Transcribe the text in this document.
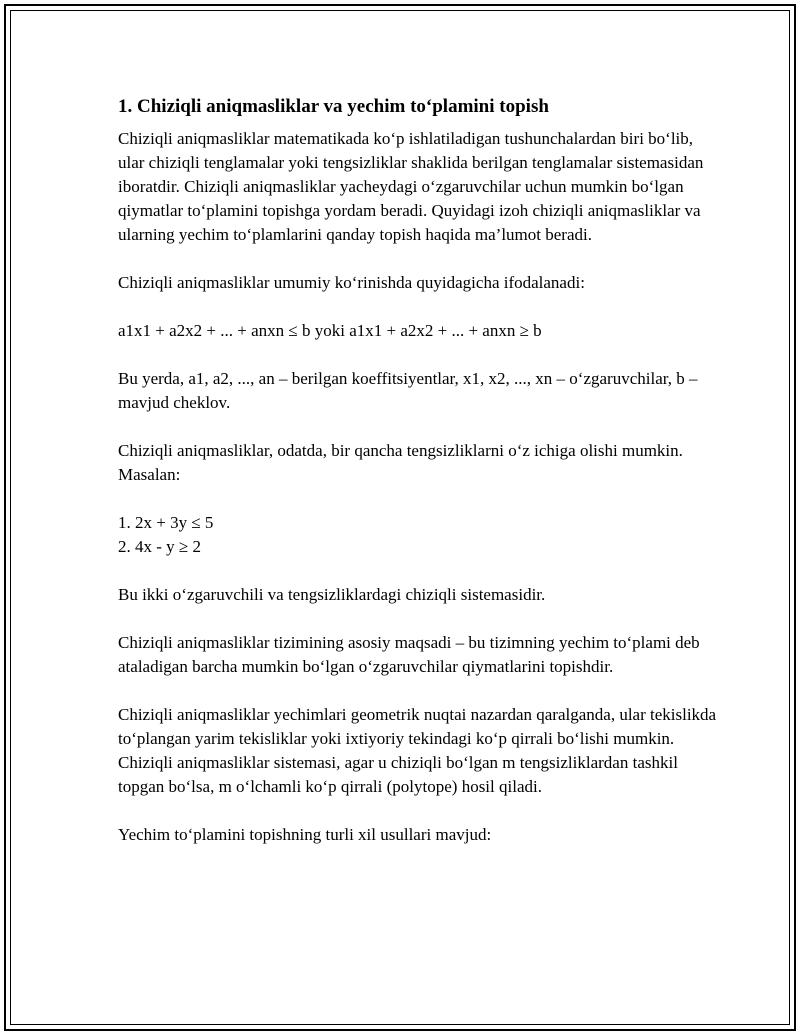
1. Chiziqli aniqmasliklar va yechim to‘plamini topish

Chiziqli aniqmasliklar matematikada ko‘p ishlatiladigan tushunchalardan biri bo‘lib, ular chiziqli tenglamalar yoki tengsizliklar shaklida berilgan tenglamalar sistemasidan iboratdir. Chiziqli aniqmasliklar yacheydagi o‘zgaruvchilar uchun mumkin bo‘lgan qiymatlar to‘plamini topishga yordam beradi. Quyidagi izoh chiziqli aniqmasliklar va ularning yechim to‘plamlarini qanday topish haqida ma’lumot beradi.

Chiziqli aniqmasliklar umumiy ko‘rinishda quyidagicha ifodalanadi:

a1x1 + a2x2 + ... + anxn ≤ b yoki a1x1 + a2x2 + ... + anxn ≥ b

Bu yerda, a1, a2, ..., an – berilgan koeffitsiyentlar, x1, x2, ..., xn – o‘zgaruvchilar, b – mavjud cheklov.

Chiziqli aniqmasliklar, odatda, bir qancha tengsizliklarni o‘z ichiga olishi mumkin. Masalan:

1. 2x + 3y ≤ 5

2. 4x - y ≥ 2

Bu ikki o‘zgaruvchili va tengsizliklardagi chiziqli sistemasidir.

Chiziqli aniqmasliklar tizimining asosiy maqsadi – bu tizimning yechim to‘plami deb ataladigan barcha mumkin bo‘lgan o‘zgaruvchilar qiymatlarini topishdir.

Chiziqli aniqmasliklar yechimlari geometrik nuqtai nazardan qaralganda, ular tekislikda to‘plangan yarim tekisliklar yoki ixtiyoriy tekindagi ko‘p qirrali bo‘lishi mumkin. Chiziqli aniqmasliklar sistemasi, agar u chiziqli bo‘lgan m tengsizliklardan tashkil topgan bo‘lsa, m o‘lchamli ko‘p qirrali (polytope) hosil qiladi.

Yechim to‘plamini topishning turli xil usullari mavjud:
